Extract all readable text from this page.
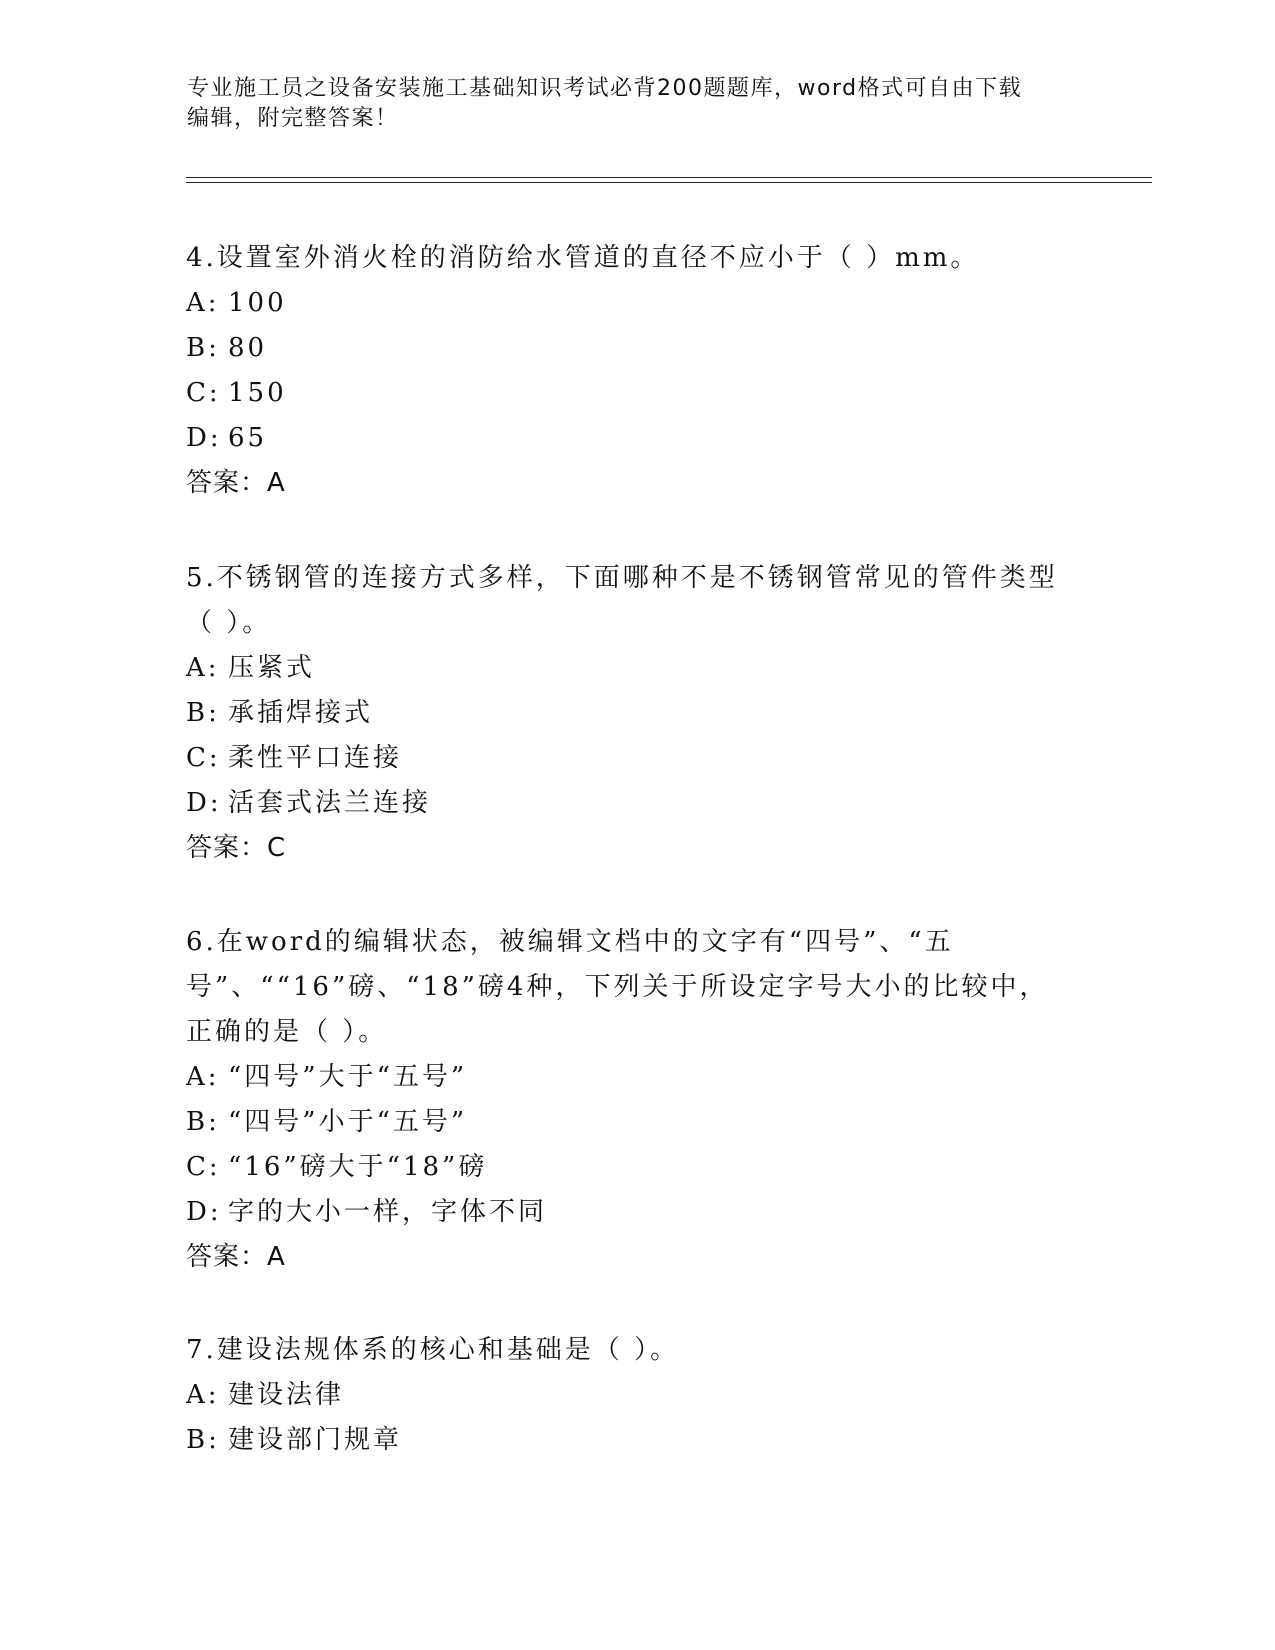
专业施工员之设备安装施工基础知识考试必背200题题库，word格式可自由下载
编辑，附完整答案！

4.设置室外消火栓的消防给水管道的直径不应小于（ ）mm。

A: 100

B: 80

C: 150

D: 65

答案：A

5.不锈钢管的连接方式多样，下面哪种不是不锈钢管常见的管件类型（ ）。

A: 压紧式

B: 承插焊接式

C: 柔性平口连接

D: 活套式法兰连接

答案：C

6.在word的编辑状态，被编辑文档中的文字有“四号”、“五号”、““16”磅、“18”磅4种，下列关于所设定字号大小的比较中，正确的是（ ）。

A: “四号”大于“五号”

B: “四号”小于“五号”

C: “16”磅大于“18”磅

D: 字的大小一样，字体不同

答案：A

7.建设法规体系的核心和基础是（ ）。

A: 建设法律

B: 建设部门规章
